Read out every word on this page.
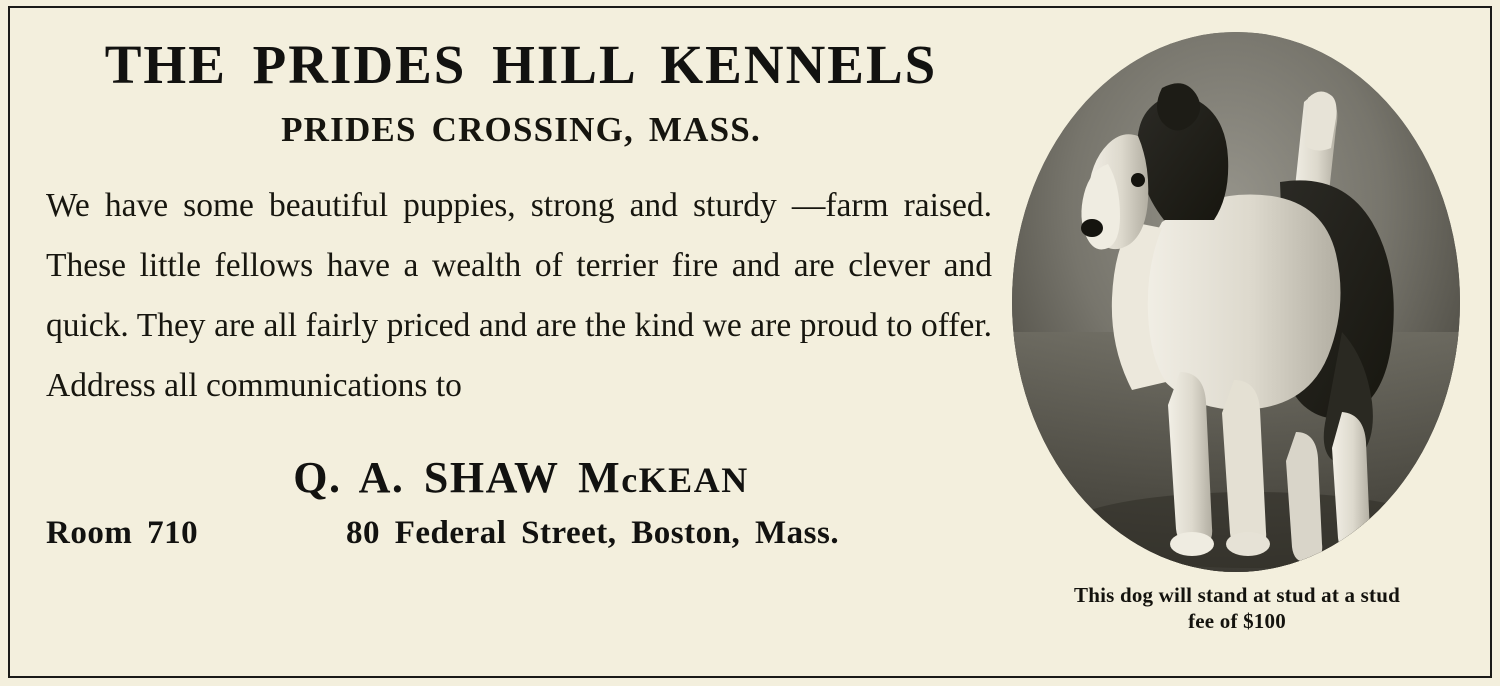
THE PRIDES HILL KENNELS
PRIDES CROSSING, MASS.

We have some beautiful puppies, strong and sturdy —farm raised. These little fellows have a wealth of terrier fire and are clever and quick. They are all fairly priced and are the kind we are proud to offer. Address all communications to

Q. A. SHAW McKEAN
Room 710	80 Federal Street, Boston, Mass.
This dog will stand at stud at a stud
fee of $100
